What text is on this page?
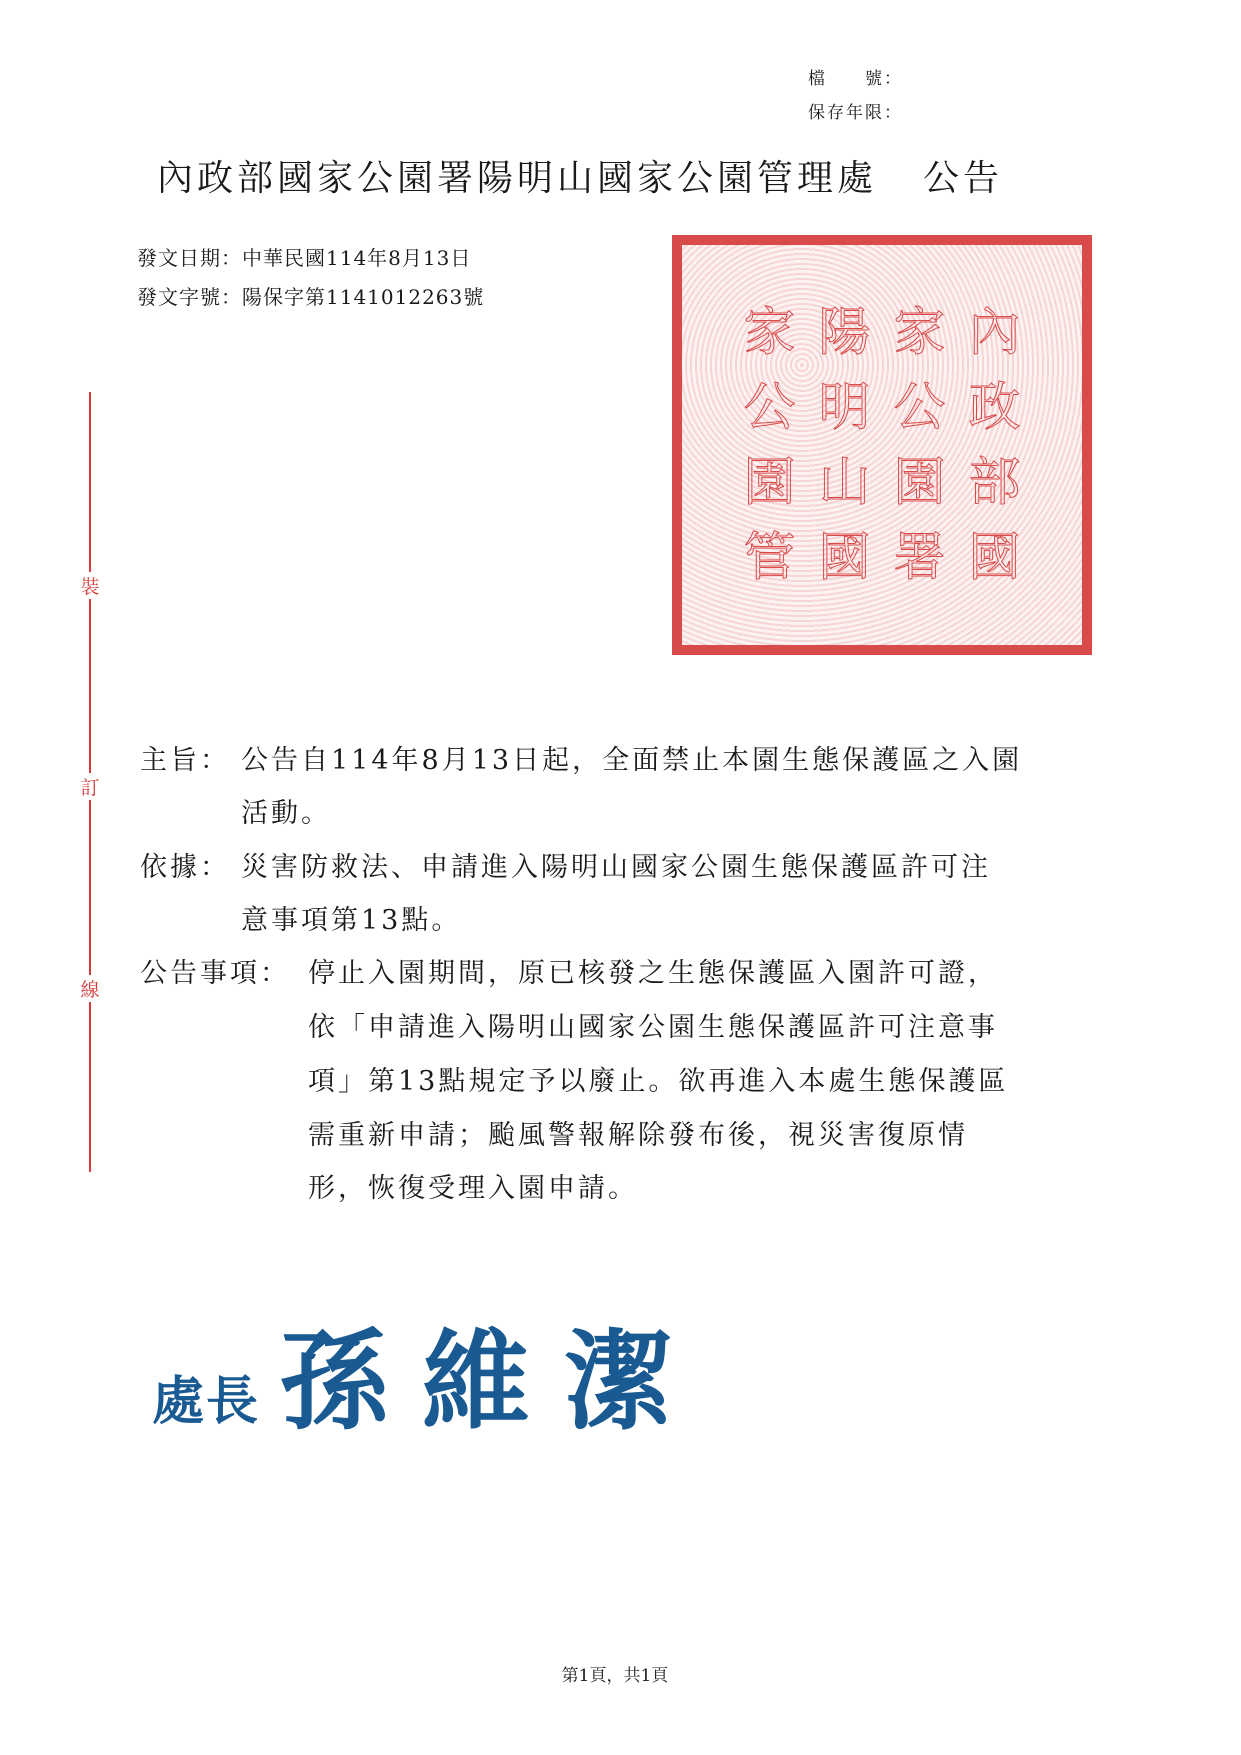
檔　　號：
保存年限：
內政部國家公園署陽明山國家公園管理處 公告
發文日期：中華民國114年8月13日
發文字號：陽保字第1141012263號
內
政
部
國
家
公
園
署
陽
明
山
國
家
公
園
管
裝
訂
線
主旨： 公告自114年8月13日起，全面禁止本園生態保護區之入園
活動。
依據： 災害防救法、申請進入陽明山國家公園生態保護區許可注
意事項第13點。
公告事項： 停止入園期間，原已核發之生態保護區入園許可證，
依「申請進入陽明山國家公園生態保護區許可注意事
項」第13點規定予以廢止。欲再進入本處生態保護區
需重新申請；颱風警報解除發布後，視災害復原情
形，恢復受理入園申請。
處長 孫維潔
第1頁，共1頁
